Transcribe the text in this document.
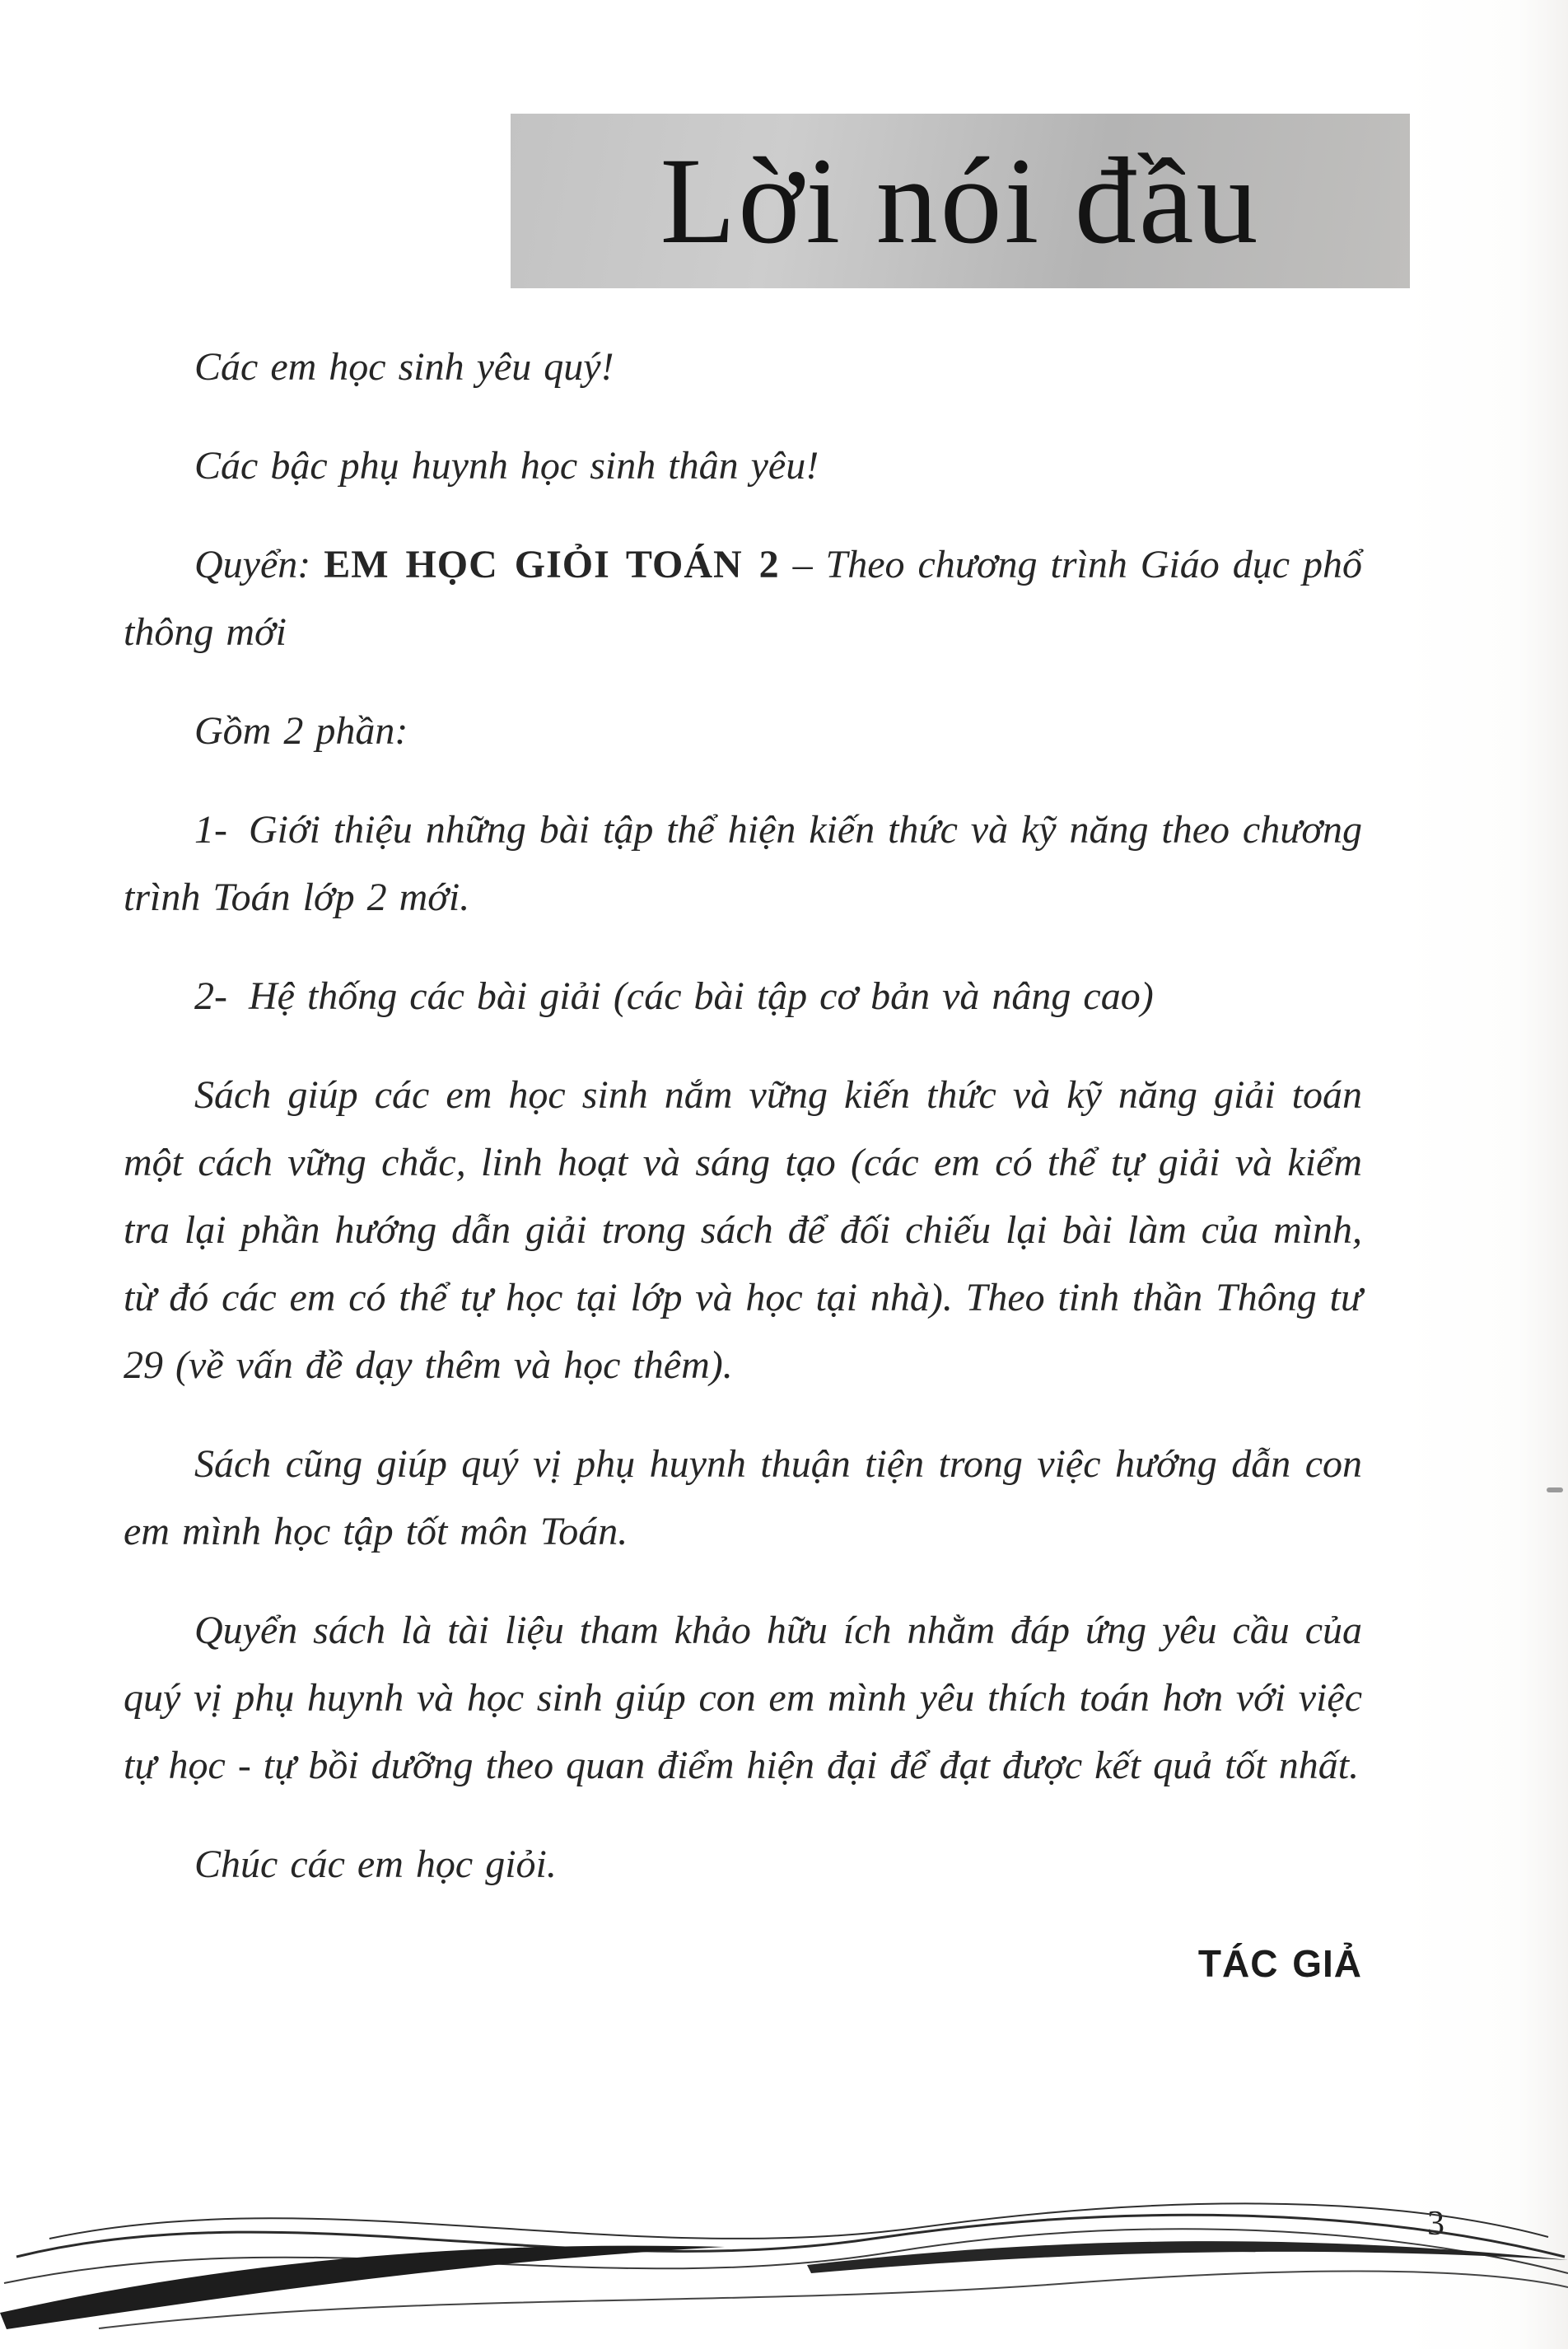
Lời nói đầu

Các em học sinh yêu quý!

Các bậc phụ huynh học sinh thân yêu!

Quyển: EM HỌC GIỎI TOÁN 2 – Theo chương trình Giáo dục phổ thông mới

Gồm 2 phần:

1- Giới thiệu những bài tập thể hiện kiến thức và kỹ năng theo chương trình Toán lớp 2 mới.

2- Hệ thống các bài giải (các bài tập cơ bản và nâng cao)

Sách giúp các em học sinh nắm vững kiến thức và kỹ năng giải toán một cách vững chắc, linh hoạt và sáng tạo (các em có thể tự giải và kiểm tra lại phần hướng dẫn giải trong sách để đối chiếu lại bài làm của mình, từ đó các em có thể tự học tại lớp và học tại nhà). Theo tinh thần Thông tư 29 (về vấn đề dạy thêm và học thêm).

Sách cũng giúp quý vị phụ huynh thuận tiện trong việc hướng dẫn con em mình học tập tốt môn Toán.

Quyển sách là tài liệu tham khảo hữu ích nhằm đáp ứng yêu cầu của quý vị phụ huynh và học sinh giúp con em mình yêu thích toán hơn với việc tự học - tự bồi dưỡng theo quan điểm hiện đại để đạt được kết quả tốt nhất.

Chúc các em học giỏi.

TÁC GIẢ

3
